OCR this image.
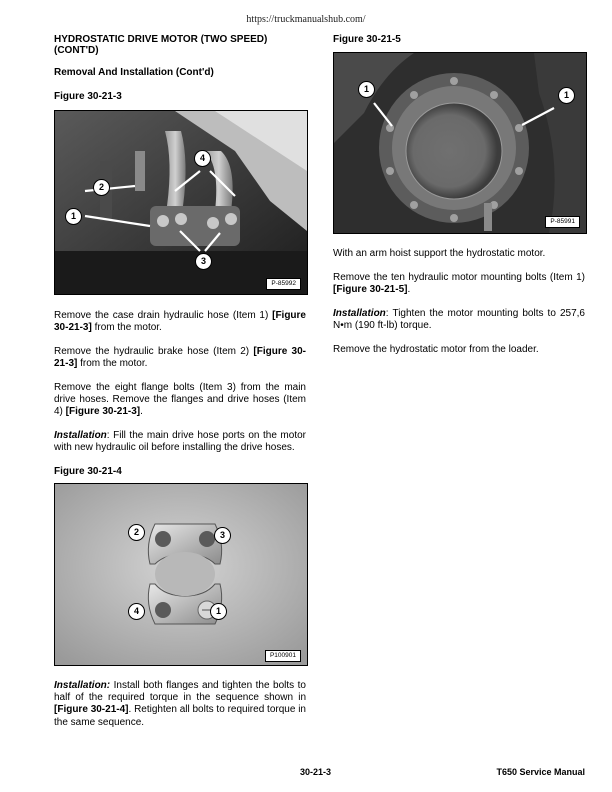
https://truckmanualshub.com/
HYDROSTATIC DRIVE MOTOR (TWO SPEED) (CONT'D)
Removal And Installation (Cont'd)
Figure 30-21-3
4
2
1
3
P-85992
Remove the case drain hydraulic hose (Item 1) [Figure 30-21-3] from the motor.
Remove the hydraulic brake hose (Item 2) [Figure 30-21-3] from the motor.
Remove the eight flange bolts (Item 3) from the main drive hoses. Remove the flanges and drive hoses (Item 4) [Figure 30-21-3].
Installation: Fill the main drive hose ports on the motor with new hydraulic oil before installing the drive hoses.
Figure 30-21-4
2	3
4	1
P100901
Installation: Install both flanges and tighten the bolts to half of the required torque in the sequence shown in [Figure 30-21-4]. Retighten all bolts to required torque in the same sequence.
Figure 30-21-5
1
1
P-85991
With an arm hoist support the hydrostatic motor.
Remove the ten hydraulic motor mounting bolts (Item 1) [Figure 30-21-5].
Installation: Tighten the motor mounting bolts to 257,6 N•m (190 ft-lb) torque.
Remove the hydrostatic motor from the loader.
30-21-3	T650 Service Manual
